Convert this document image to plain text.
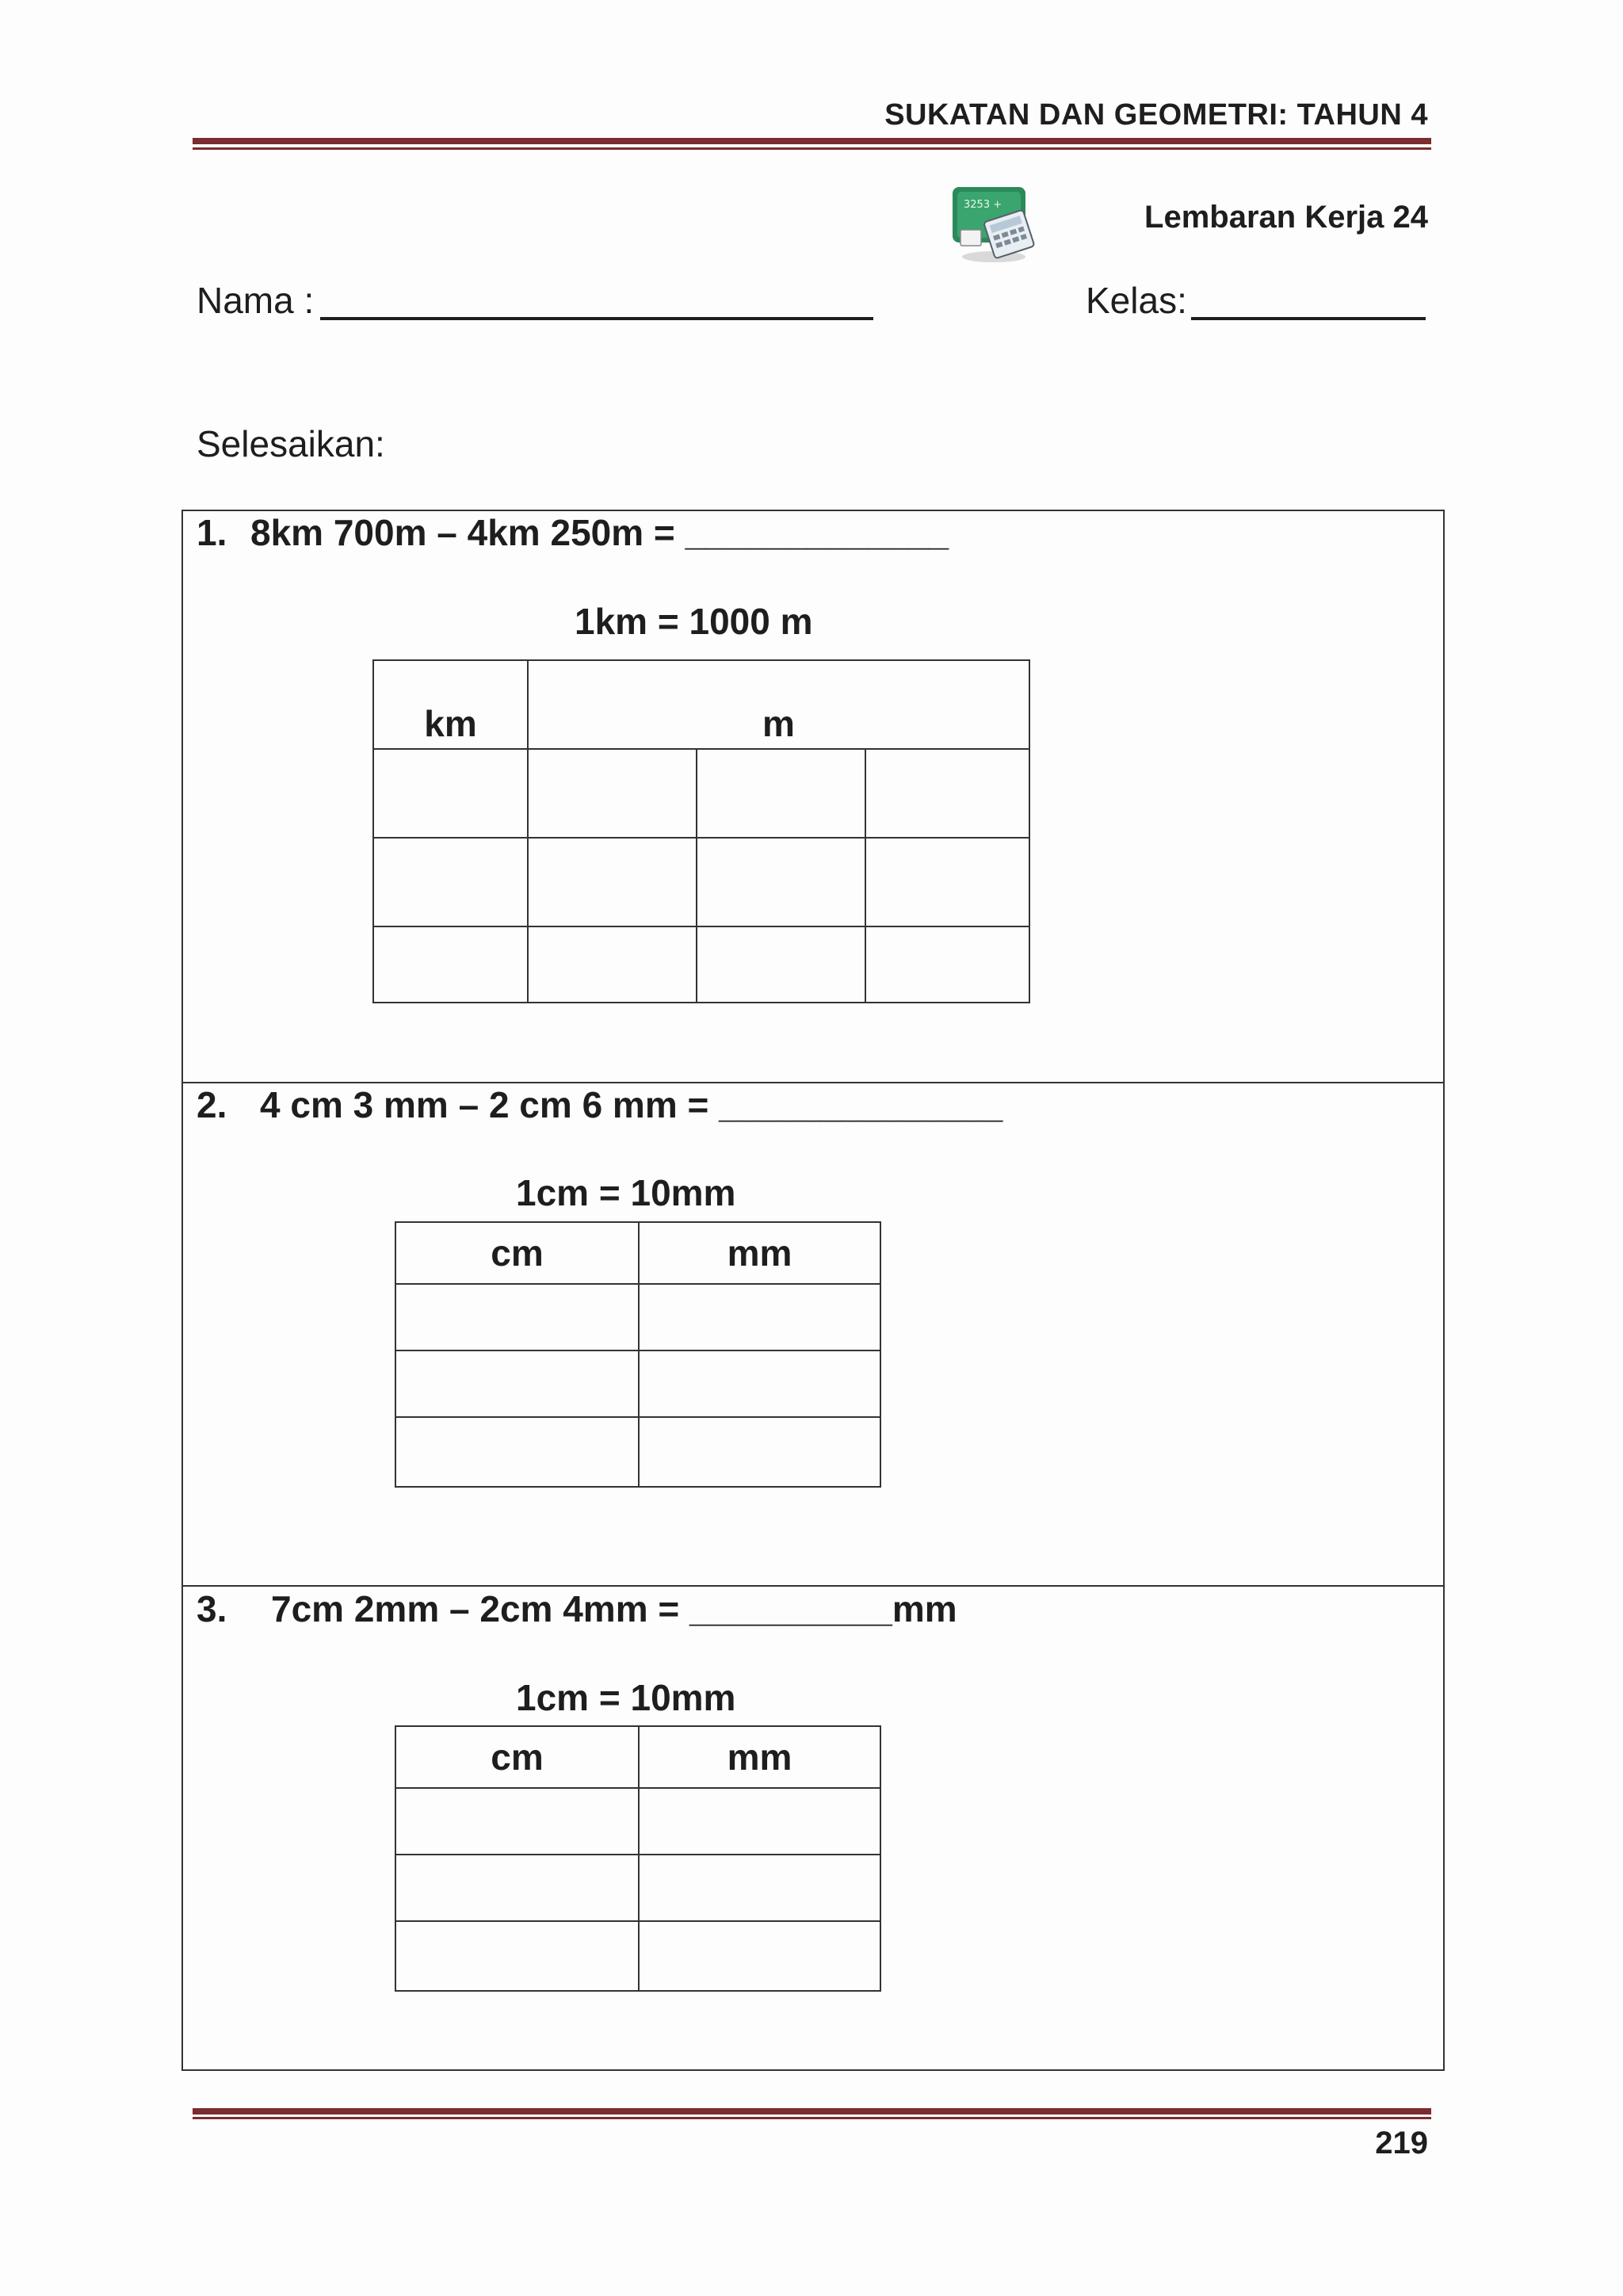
SUKATAN DAN GEOMETRI: TAHUN 4
3253 +	Lembaran Kerja 24
Nama :	Kelas:
Selesaikan:
1. 8km 700m – 4km 250m = _____________
1km = 1000 m
km	m		

2. 4 cm 3 mm – 2 cm 6 mm = ______________
1cm = 10mm
cm	mm

3. 7cm 2mm – 2cm 4mm = __________mm
1cm = 10mm
cm	mm

219
